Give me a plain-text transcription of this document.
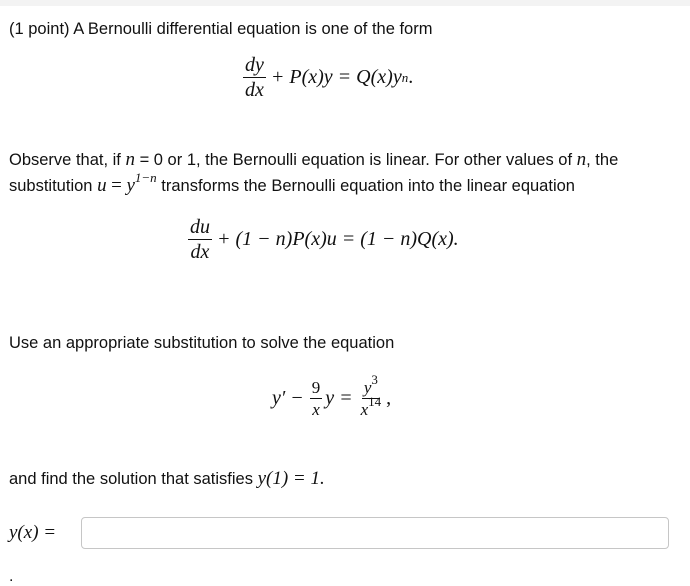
(1 point) A Bernoulli differential equation is one of the form
$\frac{dy}{dx} + P(x)y = Q(x)y$ n .
Observe that, if n = 0 or 1, the Bernoulli equation is linear. For other values of n, the
substitution $u = y^{1-n}$ transforms the Bernoulli equation into the linear equation
$\frac{du}{dx} + (1 - n)P(x)u = (1 - n)Q(x)$.
Use an appropriate substitution to solve the equation
$y' - \frac{9}{x}$ $y = \frac{y^3}{x^{14}}$ ,
and find the solution that satisfies y(1) = 1.
y(x) =
.
